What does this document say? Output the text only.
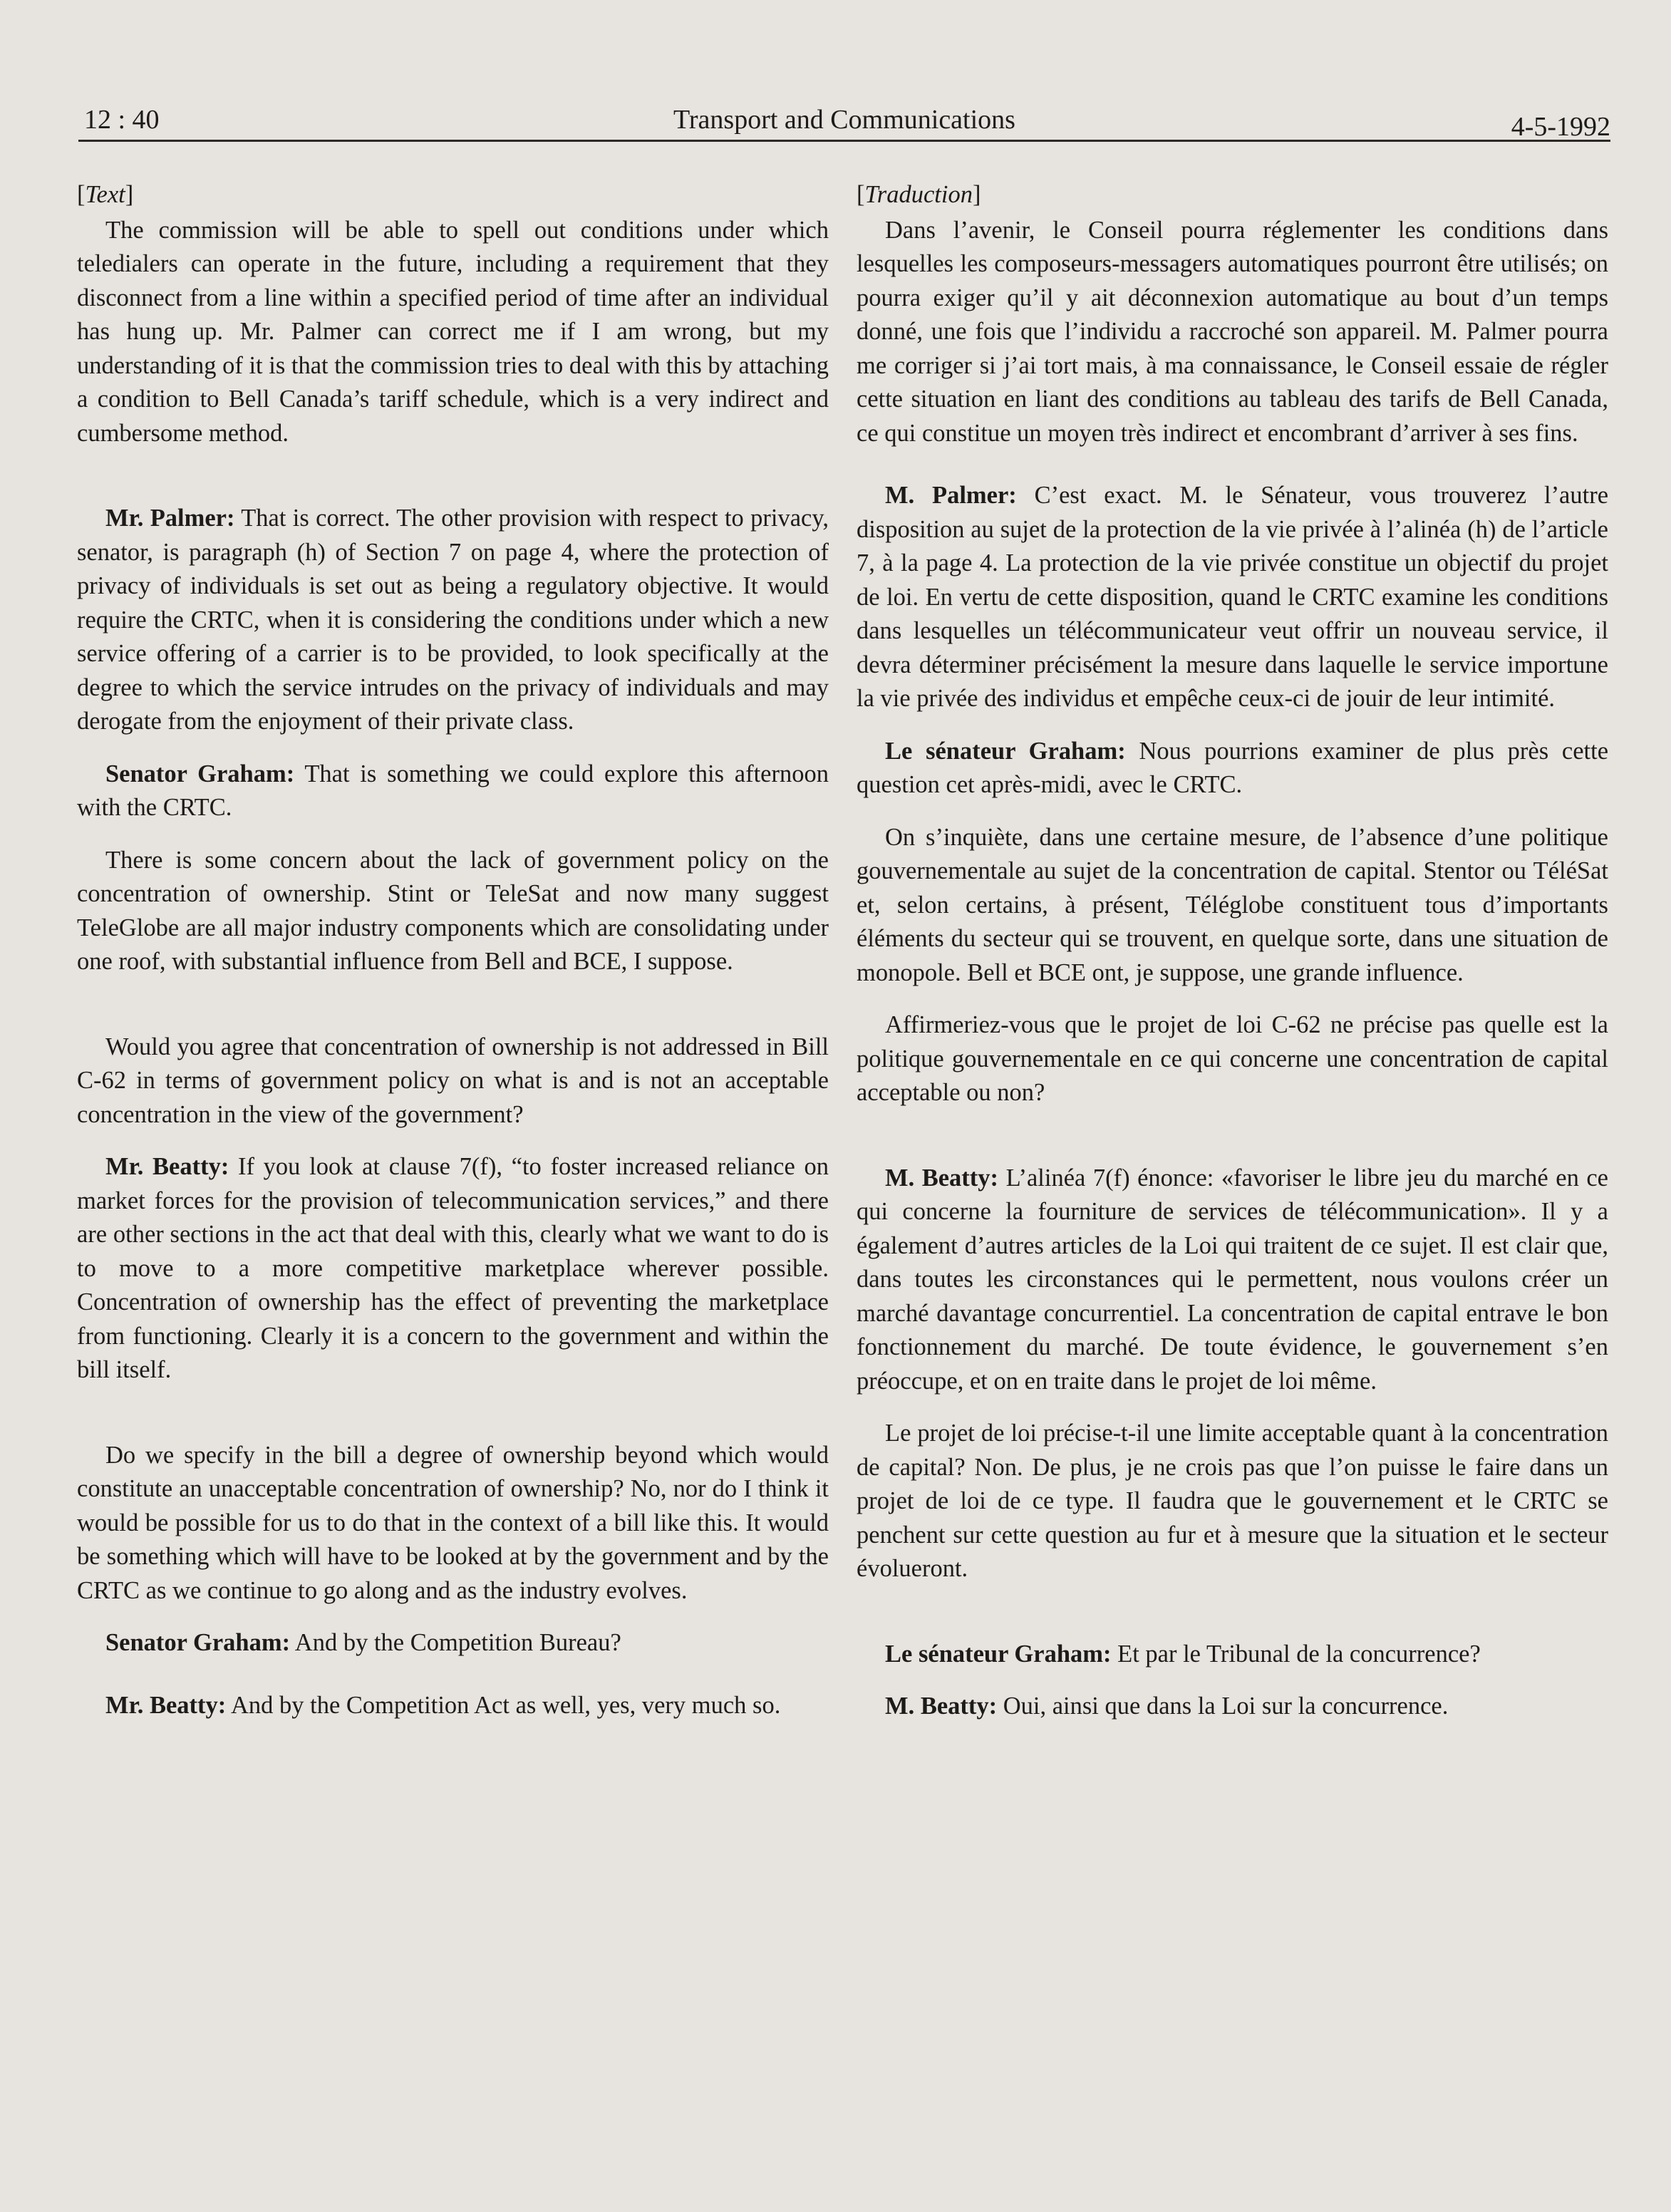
12 : 40	Transport and Communications	4-5-1992

[Text]

The commission will be able to spell out conditions under which teledialers can operate in the future, including a requirement that they disconnect from a line within a specified period of time after an individual has hung up. Mr. Palmer can correct me if I am wrong, but my understanding of it is that the commission tries to deal with this by attaching a condition to Bell Canada’s tariff schedule, which is a very indirect and cumbersome method.

Mr. Palmer: That is correct. The other provision with respect to privacy, senator, is paragraph (h) of Section 7 on page 4, where the protection of privacy of individuals is set out as being a regulatory objective. It would require the CRTC, when it is considering the conditions under which a new service offering of a carrier is to be provided, to look specifically at the degree to which the service intrudes on the privacy of individuals and may derogate from the enjoyment of their private class.

Senator Graham: That is something we could explore this afternoon with the CRTC.

There is some concern about the lack of government policy on the concentration of ownership. Stint or TeleSat and now many suggest TeleGlobe are all major industry components which are consolidating under one roof, with substantial influence from Bell and BCE, I suppose.

Would you agree that concentration of ownership is not addressed in Bill C-62 in terms of government policy on what is and is not an acceptable concentration in the view of the government?

Mr. Beatty: If you look at clause 7(f), “to foster increased reliance on market forces for the provision of telecommunication services,” and there are other sections in the act that deal with this, clearly what we want to do is to move to a more competitive marketplace wherever possible. Concentration of ownership has the effect of preventing the marketplace from functioning. Clearly it is a concern to the government and within the bill itself.

Do we specify in the bill a degree of ownership beyond which would constitute an unacceptable concentration of ownership? No, nor do I think it would be possible for us to do that in the context of a bill like this. It would be something which will have to be looked at by the government and by the CRTC as we continue to go along and as the industry evolves.

Senator Graham: And by the Competition Bureau?

Mr. Beatty: And by the Competition Act as well, yes, very much so.

[Traduction]

Dans l’avenir, le Conseil pourra réglementer les conditions dans lesquelles les composeurs-messagers automatiques pourront être utilisés; on pourra exiger qu’il y ait déconnexion automatique au bout d’un temps donné, une fois que l’individu a raccroché son appareil. M. Palmer pourra me corriger si j’ai tort mais, à ma connaissance, le Conseil essaie de régler cette situation en liant des conditions au tableau des tarifs de Bell Canada, ce qui constitue un moyen très indirect et encombrant d’arriver à ses fins.

M. Palmer: C’est exact. M. le Sénateur, vous trouverez l’autre disposition au sujet de la protection de la vie privée à l’alinéa (h) de l’article 7, à la page 4. La protection de la vie privée constitue un objectif du projet de loi. En vertu de cette disposition, quand le CRTC examine les conditions dans lesquelles un télécommunicateur veut offrir un nouveau service, il devra déterminer précisément la mesure dans laquelle le service importune la vie privée des individus et empêche ceux-ci de jouir de leur intimité.

Le sénateur Graham: Nous pourrions examiner de plus près cette question cet après-midi, avec le CRTC.

On s’inquiète, dans une certaine mesure, de l’absence d’une politique gouvernementale au sujet de la concentration de capital. Stentor ou TéléSat et, selon certains, à présent, Téléglobe constituent tous d’importants éléments du secteur qui se trouvent, en quelque sorte, dans une situation de monopole. Bell et BCE ont, je suppose, une grande influence.

Affirmeriez-vous que le projet de loi C-62 ne précise pas quelle est la politique gouvernementale en ce qui concerne une concentration de capital acceptable ou non?

M. Beatty: L’alinéa 7(f) énonce: «favoriser le libre jeu du marché en ce qui concerne la fourniture de services de télécommunication». Il y a également d’autres articles de la Loi qui traitent de ce sujet. Il est clair que, dans toutes les circonstances qui le permettent, nous voulons créer un marché davantage concurrentiel. La concentration de capital entrave le bon fonctionnement du marché. De toute évidence, le gouvernement s’en préoccupe, et on en traite dans le projet de loi même.

Le projet de loi précise-t-il une limite acceptable quant à la concentration de capital? Non. De plus, je ne crois pas que l’on puisse le faire dans un projet de loi de ce type. Il faudra que le gouvernement et le CRTC se penchent sur cette question au fur et à mesure que la situation et le secteur évolueront.

Le sénateur Graham: Et par le Tribunal de la concurrence?

M. Beatty: Oui, ainsi que dans la Loi sur la concurrence.
